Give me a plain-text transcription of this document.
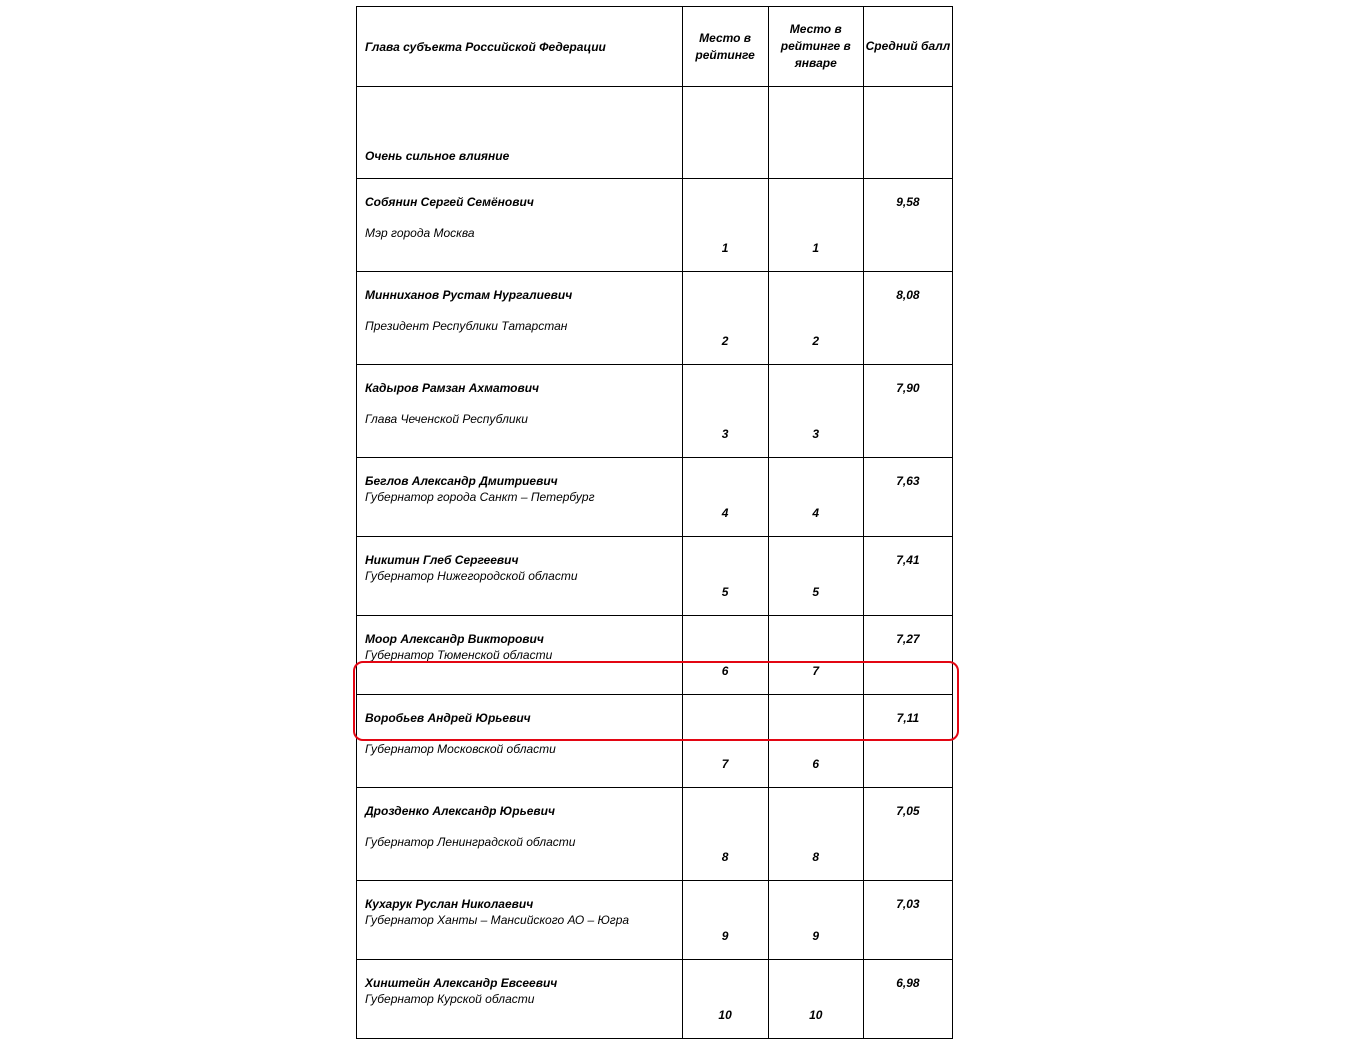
Глава субъекта Российской Федерации	Место в рейтинге	Место в рейтинге в январе	Средний балл
Очень сильное влияние			

Собянин Сергей Семёнович
Мэр города Москва	1	1	9,58

Минниханов Рустам Нургалиевич
Президент Республики Татарстан	2	2	8,08

Кадыров Рамзан Ахматович
Глава Чеченской Республики	3	3	7,90

Беглов Александр Дмитриевич
Губернатор города Санкт – Петербург	4	4	7,63

Никитин Глеб Сергеевич
Губернатор Нижегородской области	5	5	7,41

Моор Александр Викторович
Губернатор Тюменской области	6	7	7,27

Воробьев Андрей Юрьевич
Губернатор Московской области	7	6	7,11

Дрозденко Александр Юрьевич
Губернатор Ленинградской области	8	8	7,05

Кухарук Руслан Николаевич
Губернатор Ханты – Мансийского АО – Югра	9	9	7,03

Хинштейн Александр Евсеевич
Губернатор Курской области	10	10	6,98
